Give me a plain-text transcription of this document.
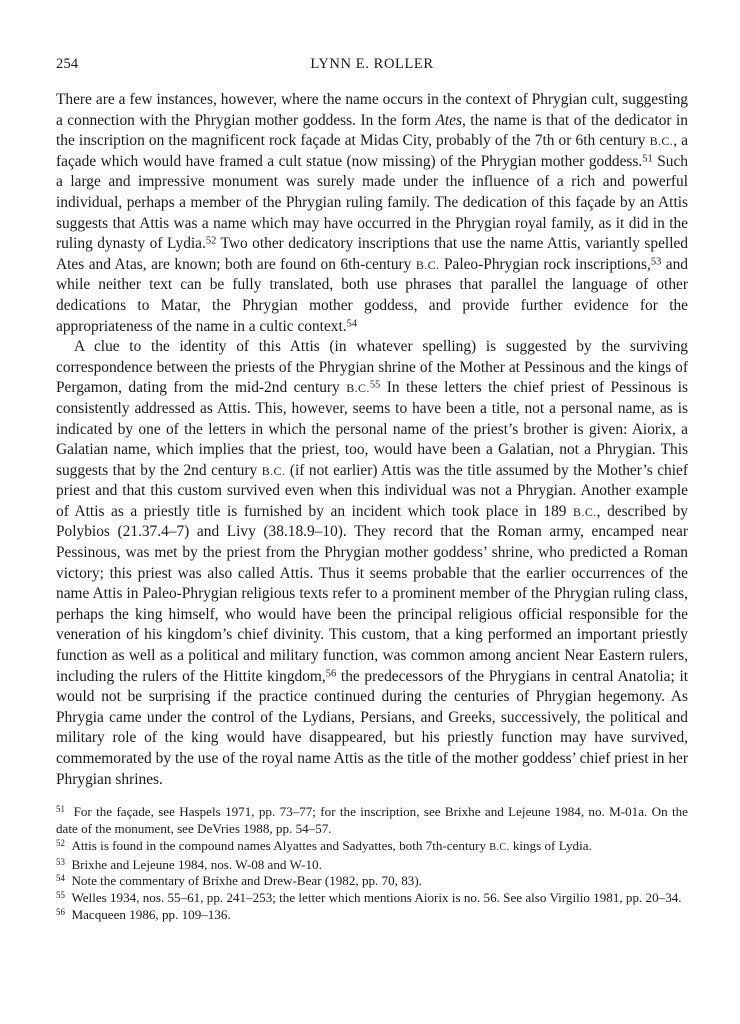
254	LYNN E. ROLLER

There are a few instances, however, where the name occurs in the context of Phrygian cult, suggesting a connection with the Phrygian mother goddess. In the form Ates, the name is that of the dedicator in the inscription on the magnificent rock façade at Midas City, probably of the 7th or 6th century B.C., a façade which would have framed a cult statue (now missing) of the Phrygian mother goddess.$^{51}$ Such a large and impressive monument was surely made under the influence of a rich and powerful individual, perhaps a member of the Phrygian ruling family. The dedication of this façade by an Attis suggests that Attis was a name which may have occurred in the Phrygian royal family, as it did in the ruling dynasty of Lydia.$^{52}$ Two other dedicatory inscriptions that use the name Attis, variantly spelled Ates and Atas, are known; both are found on 6th-century B.C. Paleo-Phrygian rock inscriptions,$^{53}$ and while neither text can be fully translated, both use phrases that parallel the language of other dedications to Matar, the Phrygian mother goddess, and provide further evidence for the appropriateness of the name in a cultic context.$^{54}$

A clue to the identity of this Attis (in whatever spelling) is suggested by the surviving correspondence between the priests of the Phrygian shrine of the Mother at Pessinous and the kings of Pergamon, dating from the mid-2nd century B.C.$^{55}$ In these letters the chief priest of Pessinous is consistently addressed as Attis. This, however, seems to have been a title, not a personal name, as is indicated by one of the letters in which the personal name of the priest’s brother is given: Aiorix, a Galatian name, which implies that the priest, too, would have been a Galatian, not a Phrygian. This suggests that by the 2nd century B.C. (if not earlier) Attis was the title assumed by the Mother’s chief priest and that this custom survived even when this individual was not a Phrygian. Another example of Attis as a priestly title is furnished by an incident which took place in 189 B.C., described by Polybios (21.37.4–7) and Livy (38.18.9–10). They record that the Roman army, encamped near Pessinous, was met by the priest from the Phrygian mother goddess’ shrine, who predicted a Roman victory; this priest was also called Attis. Thus it seems probable that the earlier occurrences of the name Attis in Paleo-Phrygian religious texts refer to a prominent member of the Phrygian ruling class, perhaps the king himself, who would have been the principal religious official responsible for the veneration of his kingdom’s chief divinity. This custom, that a king performed an important priestly function as well as a political and military function, was common among ancient Near Eastern rulers, including the rulers of the Hittite kingdom,$^{56}$ the predecessors of the Phrygians in central Anatolia; it would not be surprising if the practice continued during the centuries of Phrygian hegemony. As Phrygia came under the control of the Lydians, Persians, and Greeks, successively, the political and military role of the king would have disappeared, but his priestly function may have survived, commemorated by the use of the royal name Attis as the title of the mother goddess’ chief priest in her Phrygian shrines.

$^{51}$ For the façade, see Haspels 1971, pp. 73–77; for the inscription, see Brixhe and Lejeune 1984, no. M-01a. On the date of the monument, see DeVries 1988, pp. 54–57.

$^{52}$ Attis is found in the compound names Alyattes and Sadyattes, both 7th-century B.C. kings of Lydia.

$^{53}$ Brixhe and Lejeune 1984, nos. W-08 and W-10.

$^{54}$ Note the commentary of Brixhe and Drew-Bear (1982, pp. 70, 83).

$^{55}$ Welles 1934, nos. 55–61, pp. 241–253; the letter which mentions Aiorix is no. 56. See also Virgilio 1981, pp. 20–34.

$^{56}$ Macqueen 1986, pp. 109–136.
